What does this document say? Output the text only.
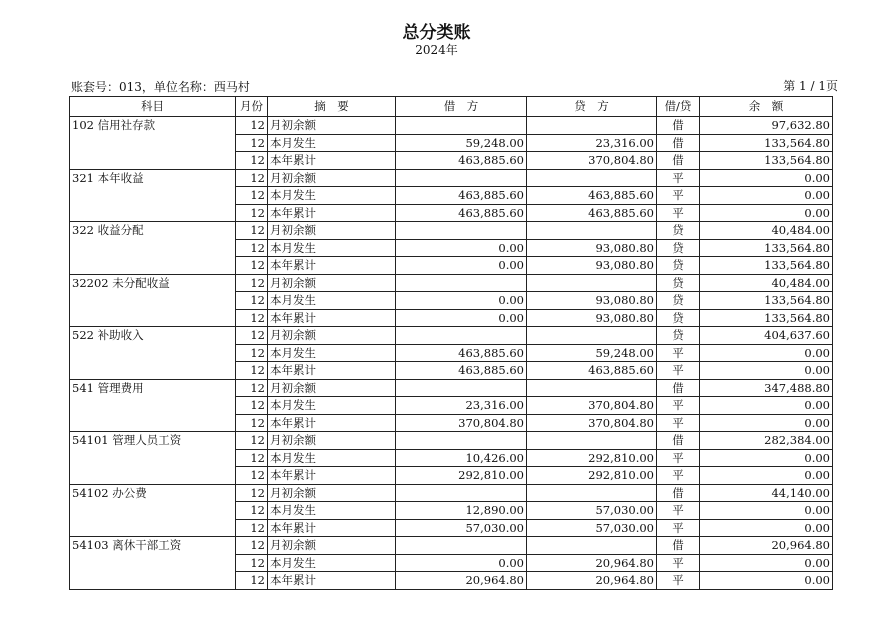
总分类账
2024年
账套号：013，单位名称：西马村	第 1 / 1页
科目	月份	摘　要	借　方	贷　方	借/贷	余　额
102 信用社存款	12	月初余额			借	97,632.80
	12	本月发生	59,248.00	23,316.00	借	133,564.80
	12	本年累计	463,885.60	370,804.80	借	133,564.80
321 本年收益	12	月初余额			平	0.00
	12	本月发生	463,885.60	463,885.60	平	0.00
	12	本年累计	463,885.60	463,885.60	平	0.00
322 收益分配	12	月初余额			贷	40,484.00
	12	本月发生	0.00	93,080.80	贷	133,564.80
	12	本年累计	0.00	93,080.80	贷	133,564.80
32202 未分配收益	12	月初余额			贷	40,484.00
	12	本月发生	0.00	93,080.80	贷	133,564.80
	12	本年累计	0.00	93,080.80	贷	133,564.80
522 补助收入	12	月初余额			贷	404,637.60
	12	本月发生	463,885.60	59,248.00	平	0.00
	12	本年累计	463,885.60	463,885.60	平	0.00
541 管理费用	12	月初余额			借	347,488.80
	12	本月发生	23,316.00	370,804.80	平	0.00
	12	本年累计	370,804.80	370,804.80	平	0.00
54101 管理人员工资	12	月初余额			借	282,384.00
	12	本月发生	10,426.00	292,810.00	平	0.00
	12	本年累计	292,810.00	292,810.00	平	0.00
54102 办公费	12	月初余额			借	44,140.00
	12	本月发生	12,890.00	57,030.00	平	0.00
	12	本年累计	57,030.00	57,030.00	平	0.00
54103 离休干部工资	12	月初余额			借	20,964.80
	12	本月发生	0.00	20,964.80	平	0.00
	12	本年累计	20,964.80	20,964.80	平	0.00
